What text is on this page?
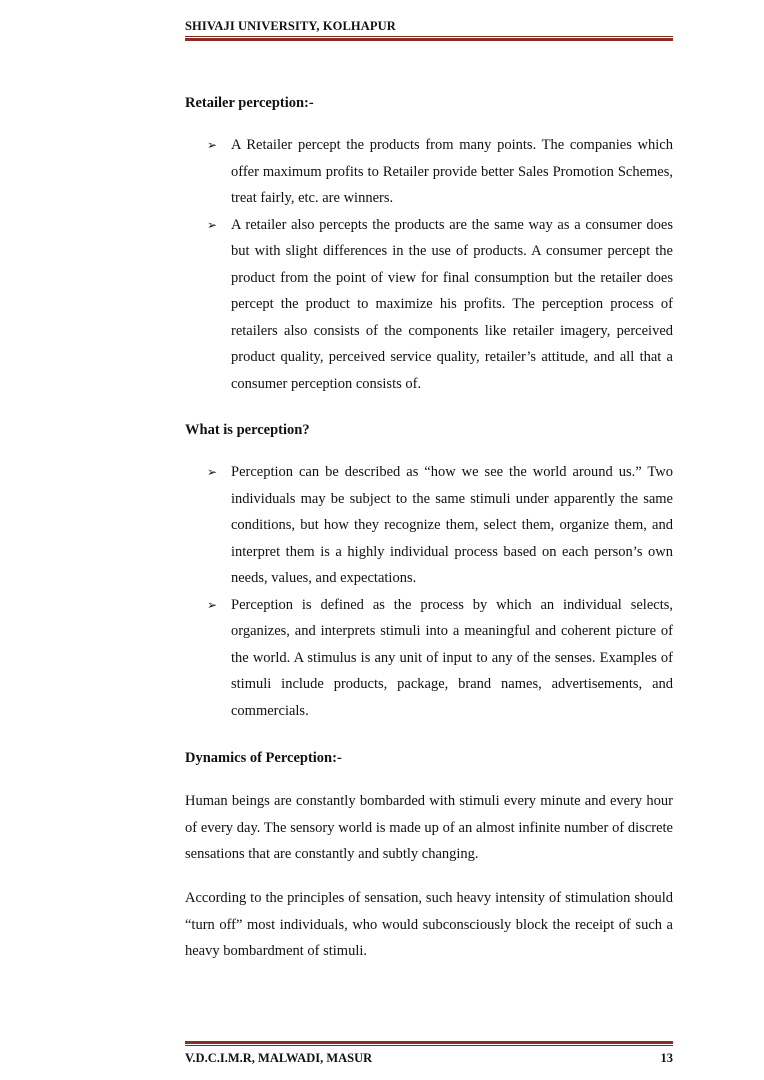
SHIVAJI UNIVERSITY, KOLHAPUR
Retailer perception:-
➢ A Retailer percept the products from many points. The companies which offer maximum profits to Retailer provide better Sales Promotion Schemes, treat fairly, etc. are winners.
➢ A retailer also percepts the products are the same way as a consumer does but with slight differences in the use of products. A consumer percept the product from the point of view for final consumption but the retailer does percept the product to maximize his profits. The perception process of retailers also consists of the components like retailer imagery, perceived product quality, perceived service quality, retailer’s attitude, and all that a consumer perception consists of.
What is perception?
➢ Perception can be described as “how we see the world around us.” Two individuals may be subject to the same stimuli under apparently the same conditions, but how they recognize them, select them, organize them, and interpret them is a highly individual process based on each person’s own needs, values, and expectations.
➢ Perception is defined as the process by which an individual selects, organizes, and interprets stimuli into a meaningful and coherent picture of the world. A stimulus is any unit of input to any of the senses. Examples of stimuli include products, package, brand names, advertisements, and commercials.
Dynamics of Perception:-
Human beings are constantly bombarded with stimuli every minute and every hour of every day. The sensory world is made up of an almost infinite number of discrete sensations that are constantly and subtly changing.
According to the principles of sensation, such heavy intensity of stimulation should “turn off” most individuals, who would subconsciously block the receipt of such a heavy bombardment of stimuli.
V.D.C.I.M.R, MALWADI, MASUR	13
